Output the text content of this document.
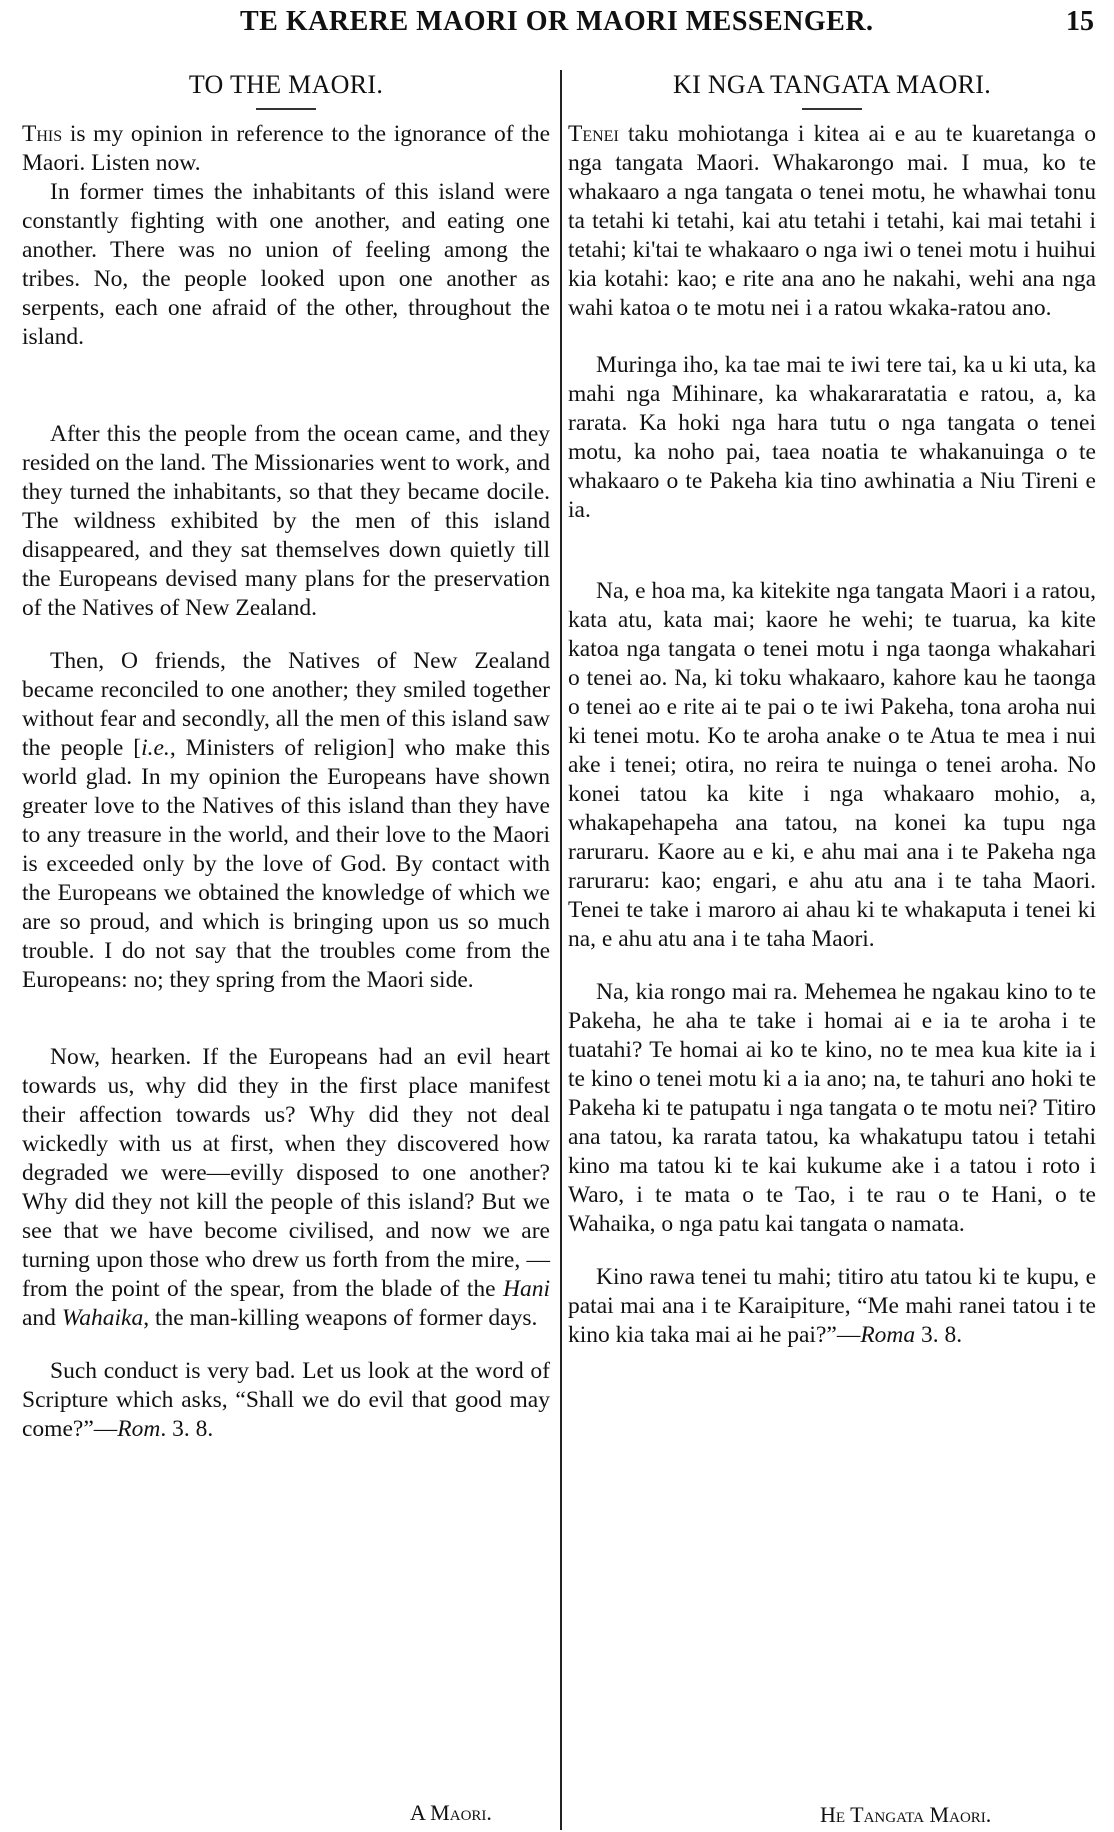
TE KARERE MAORI OR MAORI MESSENGER.	15
TO THE MAORI.

This is my opinion in reference to the ignorance of the Maori. Listen now.

In former times the inhabitants of this island were constantly fighting with one another, and eating one another. There was no union of feeling among the tribes. No, the people looked upon one another as serpents, each one afraid of the other, throughout the island.

After this the people from the ocean came, and they resided on the land. The Missionaries went to work, and they turned the inhabitants, so that they became docile. The wildness exhibited by the men of this island disappeared, and they sat themselves down quietly till the Europeans devised many plans for the preservation of the Natives of New Zealand.

Then, O friends, the Natives of New Zealand became reconciled to one another; they smiled together without fear and secondly, all the men of this island saw the people [i.e., Ministers of religion] who make this world glad. In my opinion the Europeans have shown greater love to the Natives of this island than they have to any treasure in the world, and their love to the Maori is exceeded only by the love of God. By contact with the Europeans we obtained the knowledge of which we are so proud, and which is bringing upon us so much trouble. I do not say that the troubles come from the Europeans: no; they spring from the Maori side.

Now, hearken. If the Europeans had an evil heart towards us, why did they in the first place manifest their affection towards us? Why did they not deal wickedly with us at first, when they discovered how degraded we were—evilly disposed to one another? Why did they not kill the people of this island? But we see that we have become civilised, and now we are turning upon those who drew us forth from the mire, —from the point of the spear, from the blade of the Hani and Wahaika, the man-killing weapons of former days.

Such conduct is very bad. Let us look at the word of Scripture which asks, “Shall we do evil that good may come?”—Rom. 3. 8.

A Maori.
KI NGA TANGATA MAORI.

Tenei taku mohiotanga i kitea ai e au te kuaretanga o nga tangata Maori. Whakarongo mai. I mua, ko te whakaaro a nga tangata o tenei motu, he whawhai tonu ta tetahi ki tetahi, kai atu tetahi i tetahi, kai mai tetahi i tetahi; ki'tai te whakaaro o nga iwi o tenei motu i huihui kia kotahi: kao; e rite ana ano he nakahi, wehi ana nga wahi katoa o te motu nei i a ratou wkaka-ratou ano.

Muringa iho, ka tae mai te iwi tere tai, ka u ki uta, ka mahi nga Mihinare, ka whakararatatia e ratou, a, ka rarata. Ka hoki nga hara tutu o nga tangata o tenei motu, ka noho pai, taea noatia te whakanuinga o te whakaaro o te Pakeha kia tino awhinatia a Niu Tireni e ia.

Na, e hoa ma, ka kitekite nga tangata Maori i a ratou, kata atu, kata mai; kaore he wehi; te tuarua, ka kite katoa nga tangata o tenei motu i nga taonga whakahari o tenei ao. Na, ki toku whakaaro, kahore kau he taonga o tenei ao e rite ai te pai o te iwi Pakeha, tona aroha nui ki tenei motu. Ko te aroha anake o te Atua te mea i nui ake i tenei; otira, no reira te nuinga o tenei aroha. No konei tatou ka kite i nga whakaaro mohio, a, whakapehapeha ana tatou, na konei ka tupu nga raruraru. Kaore au e ki, e ahu mai ana i te Pakeha nga raruraru: kao; engari, e ahu atu ana i te taha Maori. Tenei te take i maroro ai ahau ki te whakaputa i tenei ki na, e ahu atu ana i te taha Maori.

Na, kia rongo mai ra. Mehemea he ngakau kino to te Pakeha, he aha te take i homai ai e ia te aroha i te tuatahi? Te homai ai ko te kino, no te mea kua kite ia i te kino o tenei motu ki a ia ano; na, te tahuri ano hoki te Pakeha ki te patupatu i nga tangata o te motu nei? Titiro ana tatou, ka rarata tatou, ka whakatupu tatou i tetahi kino ma tatou ki te kai kukume ake i a tatou i roto i Waro, i te mata o te Tao, i te rau o te Hani, o te Wahaika, o nga patu kai tangata o namata.

Kino rawa tenei tu mahi; titiro atu tatou ki te kupu, e patai mai ana i te Karaipiture, “Me mahi ranei tatou i te kino kia taka mai ai he pai?”—Roma 3. 8.

He Tangata Maori.
